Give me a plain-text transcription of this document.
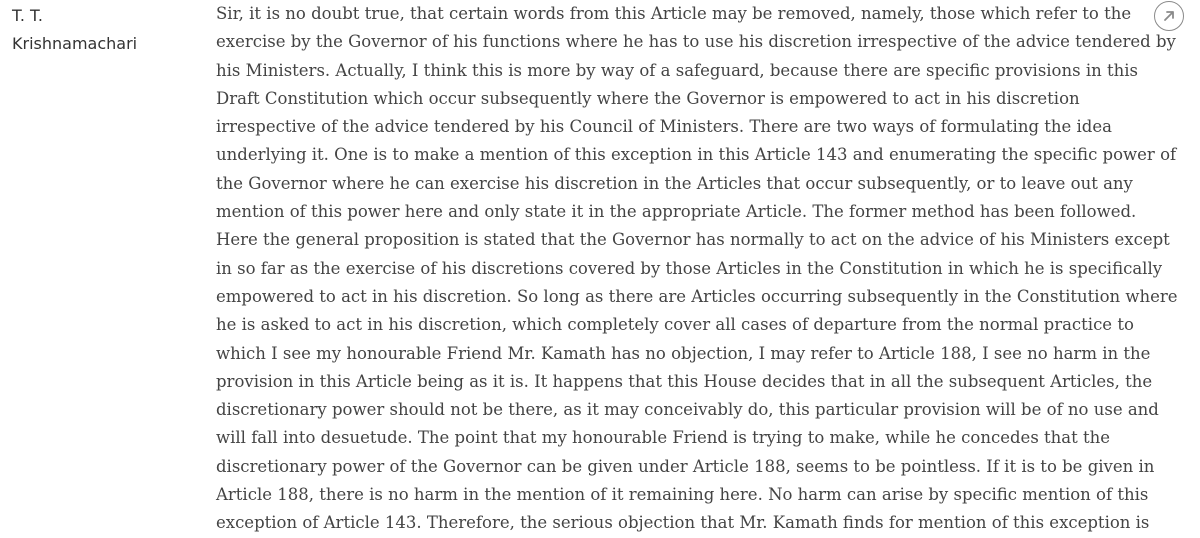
T. T.
Krishnamachari
Sir, it is no doubt true, that certain words from this Article may be removed, namely, those which refer to the
exercise by the Governor of his functions where he has to use his discretion irrespective of the advice tendered by
his Ministers. Actually, I think this is more by way of a safeguard, because there are specific provisions in this
Draft Constitution which occur subsequently where the Governor is empowered to act in his discretion
irrespective of the advice tendered by his Council of Ministers. There are two ways of formulating the idea
underlying it. One is to make a mention of this exception in this Article 143 and enumerating the specific power of
the Governor where he can exercise his discretion in the Articles that occur subsequently, or to leave out any
mention of this power here and only state it in the appropriate Article. The former method has been followed.
Here the general proposition is stated that the Governor has normally to act on the advice of his Ministers except
in so far as the exercise of his discretions covered by those Articles in the Constitution in which he is specifically
empowered to act in his discretion. So long as there are Articles occurring subsequently in the Constitution where
he is asked to act in his discretion, which completely cover all cases of departure from the normal practice to
which I see my honourable Friend Mr. Kamath has no objection, I may refer to Article 188, I see no harm in the
provision in this Article being as it is. It happens that this House decides that in all the subsequent Articles, the
discretionary power should not be there, as it may conceivably do, this particular provision will be of no use and
will fall into desuetude. The point that my honourable Friend is trying to make, while he concedes that the
discretionary power of the Governor can be given under Article 188, seems to be pointless. If it is to be given in
Article 188, there is no harm in the mention of it remaining here. No harm can arise by specific mention of this
exception of Article 143. Therefore, the serious objection that Mr. Kamath finds for mention of this exception is
